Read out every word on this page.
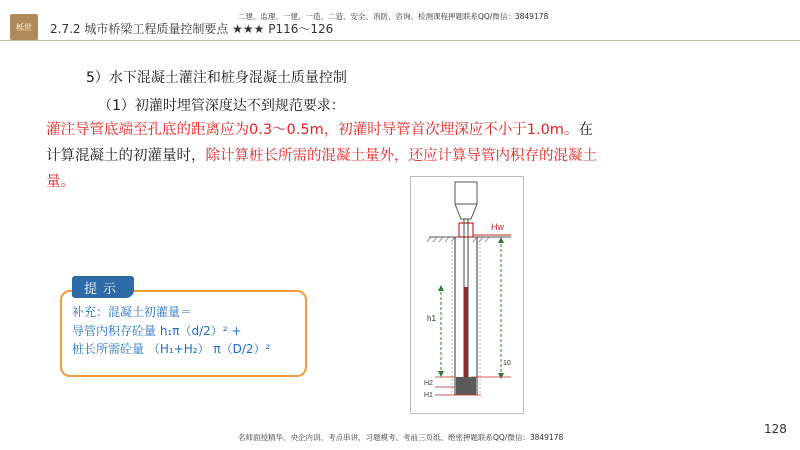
栎世
二建、监理、一建、一造、二造、安全、消防、咨询、检测课程押题联系QQ/微信：3849178
2.7.2 城市桥梁工程质量控制要点 ★★★ P116～126
5）水下混凝土灌注和桩身混凝土质量控制
（1）初灌时埋管深度达不到规范要求：
灌注导管底端至孔底的距离应为0.3～0.5m，初灌时导管首次埋深应不小于1.0m。在计算混凝土的初灌量时，除计算桩长所需的混凝土量外，还应计算导管内积存的混凝土量。
提示
补充：混凝土初灌量＝
导管内积存砼量 h₁π（d/2）² +
桩长所需砼量 （H₁+H₂） π（D/2）²
Hw
10
h1
H2
H1
128
名师面授精华、央企内训、考点串讲、习题模考、考前三页纸、绝密押题联系QQ/微信：3849178
